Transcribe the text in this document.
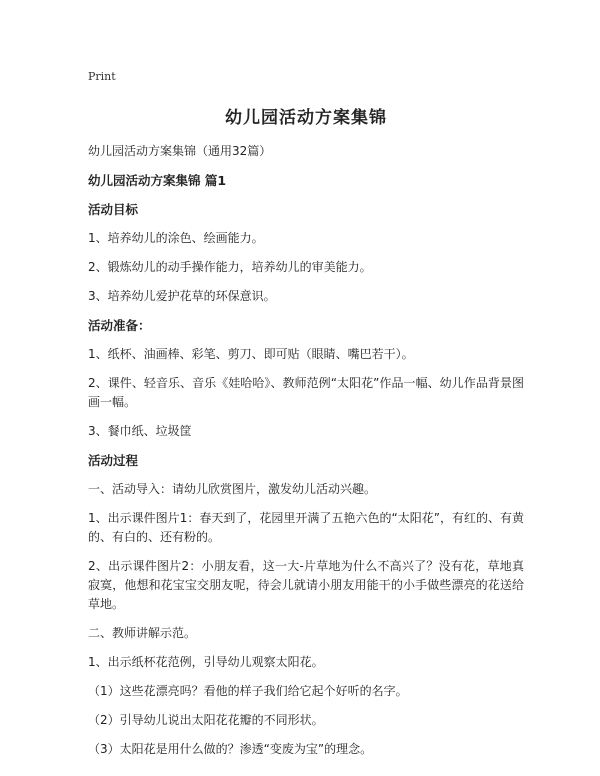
Print
幼儿园活动方案集锦
幼儿园活动方案集锦（通用32篇）
幼儿园活动方案集锦 篇1
活动目标
1、培养幼儿的涂色、绘画能力。
2、锻炼幼儿的动手操作能力，培养幼儿的审美能力。
3、培养幼儿爱护花草的环保意识。
活动准备：
1、纸杯、油画棒、彩笔、剪刀、即可贴（眼睛、嘴巴若干）。
2、课件、轻音乐、音乐《娃哈哈》、教师范例“太阳花”作品一幅、幼儿作品背景图画一幅。
3、餐巾纸、垃圾筐
活动过程
一、活动导入：请幼儿欣赏图片，激发幼儿活动兴趣。
1、出示课件图片1：春天到了，花园里开满了五艳六色的“太阳花”，有红的、有黄的、有白的、还有粉的。
2、出示课件图片2：小朋友看，这一大-片草地为什么不高兴了？没有花，草地真寂寞，他想和花宝宝交朋友呢，待会儿就请小朋友用能干的小手做些漂亮的花送给草地。
二、教师讲解示范。
1、出示纸杯花范例，引导幼儿观察太阳花。
（1）这些花漂亮吗？看他的样子我们给它起个好听的名字。
（2）引导幼儿说出太阳花花瓣的不同形状。
（3）太阳花是用什么做的？渗透“变废为宝”的理念。
